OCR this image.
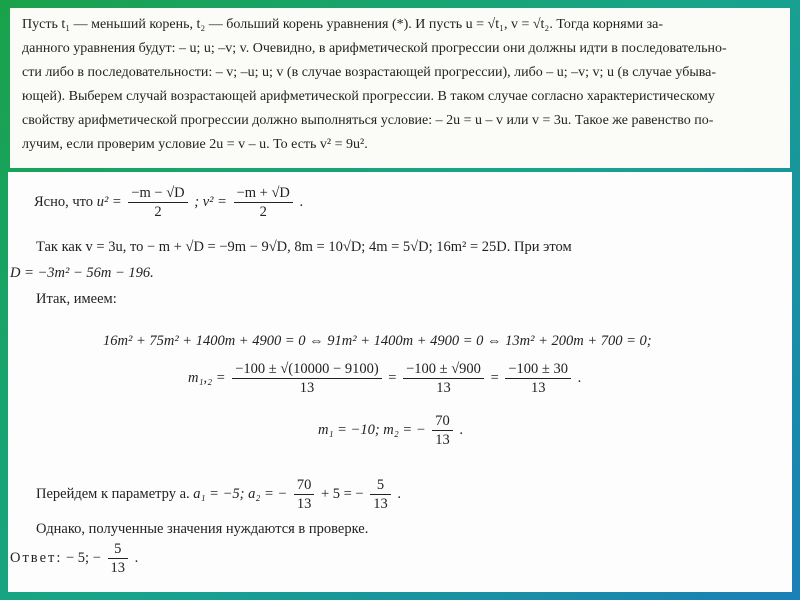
Пусть t₁ — меньший корень, t₂ — больший корень уравнения (*). И пусть u = √t₁, v = √t₂. Тогда корнями за-
данного уравнения будут: – u; u; –v; v. Очевидно, в арифметической прогрессии они должны идти в последовательно-
сти либо в последовательности: – v; –u; u; v (в случае возрастающей прогрессии), либо – u; –v; v; u (в случае убыва-
ющей). Выберем случай возрастающей арифметической прогрессии. В таком случае согласно характеристическому
свойству арифметической прогрессии должно выполняться условие: – 2u = u – v или v = 3u. Такое же равенство по-
лучим, если проверим условие 2u = v – u. То есть v² = 9u².
Ясно, что $u^2 = \frac{-m - √D}{2}$ ; $v^2 = \frac{-m + √D}{2}$ .
Так как v = 3u, то − m + √D = −9m − 9√D, 8m = 10√D; 4m = 5√D; 16m² = 25D. При этом
D = −3m² − 56m − 196.
Итак, имеем:
16m² + 75m² + 1400m + 4900 = 0 ⇔ 91m² + 1400m + 4900 = 0 ⇔ 13m² + 200m + 700 = 0;
$m_1,_2 = \frac{-100 \pm √(10000 - 9100)}{13} = \frac{-100 \pm √900}{13} = \frac{-100 \pm 30}{13}$ .
m₁ = −10; m₂ = − $\frac{70}{13}$ .
Перейдем к параметру a. a₁ = −5; a₂ = − $\frac{70}{13} + 5$ = − $\frac{5}{13}$ .
Однако, полученные значения нуждаются в проверке.
Ответ: − 5; − $\frac{5}{13}$ .
